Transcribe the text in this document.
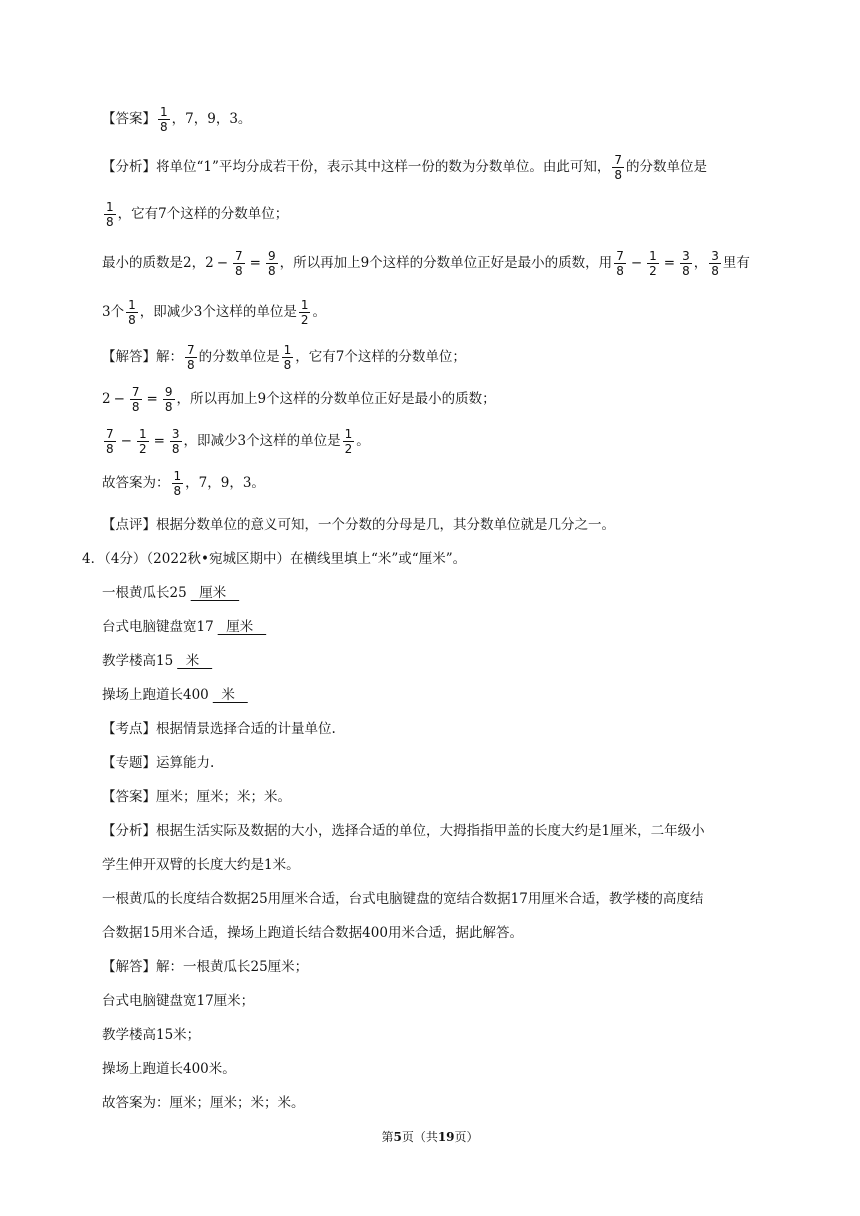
【答案】 $\frac{1}{8}$ ，7，9，3。
【分析】将单位“1”平均分成若干份，表示其中这样一份的数为分数单位。由此可知， $\frac{7}{8}$ 的分数单位是
$\frac{1}{8}$ ，它有7个这样的分数单位；
最小的质数是2，$2 - \frac{7}{8} = \frac{9}{8}$ ，所以再加上9个这样的分数单位正好是最小的质数，用 $\frac{7}{8} - \frac{1}{2} = \frac{3}{8}$ ， $\frac{3}{8}$ 里有
3个 $\frac{1}{8}$ ，即减少3个这样的单位是 $\frac{1}{2}$ 。
【解答】解： $\frac{7}{8}$ 的分数单位是 $\frac{1}{8}$ ，它有7个这样的分数单位；
$2 - \frac{7}{8} = \frac{9}{8}$ ，所以再加上9个这样的分数单位正好是最小的质数；
$\frac{7}{8} - \frac{1}{2} = \frac{3}{8}$ ，即减少3个这样的单位是 $\frac{1}{2}$ 。
故答案为： $\frac{1}{8}$ ，7，9，3。
【点评】根据分数单位的意义可知，一个分数的分母是几，其分数单位就是几分之一。
4．（4分）（2022秋•宛城区期中）在横线里填上“米”或“厘米”。
一根黄瓜长25  厘米
台式电脑键盘宽17  厘米
教学楼高15  米
操场上跑道长400  米
【考点】根据情景选择合适的计量单位.
【专题】运算能力.
【答案】厘米；厘米；米；米。
【分析】根据生活实际及数据的大小，选择合适的单位，大拇指指甲盖的长度大约是1厘米，二年级小
学生伸开双臂的长度大约是1米。
一根黄瓜的长度结合数据25用厘米合适，台式电脑键盘的宽结合数据17用厘米合适，教学楼的高度结
合数据15用米合适，操场上跑道长结合数据400用米合适，据此解答。
【解答】解：一根黄瓜长25厘米；
台式电脑键盘宽17厘米；
教学楼高15米；
操场上跑道长400米。
故答案为：厘米；厘米；米；米。
第5页（共19页）
